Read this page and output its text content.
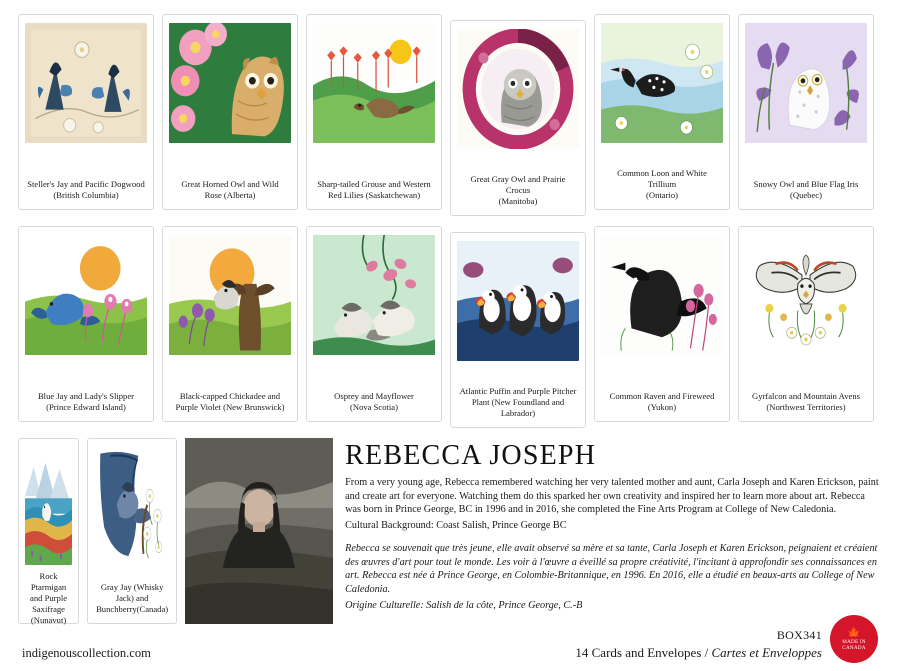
Steller's Jay and Pacific Dogwood
(British Columbia)
Great Horned Owl and Wild
Rose (Alberta)
Sharp-tailed Grouse and Western
Red Lilies (Saskatchewan)
Great Gray Owl and Prairie Crocus
(Manitoba)
Common Loon and White Trillium
(Ontario)
Snowy Owl and Blue Flag Iris
(Quebec)
Blue Jay and Lady's Slipper
(Prince Edward Island)
Black-capped Chickadee and
Purple Violet (New Brunswick)
Osprey and Mayflower
(Nova Scotia)
Atlantic Puffin and Purple Pitcher
Plant (New Foundland and Labrador)
Common Raven and Fireweed
(Yukon)
Gyrfalcon and Mountain Avens
(Northwest Territories)
Rock Ptarmigan and Purple
Saxifrage (Nunavut)
Gray Jay (Whisky Jack) and
Bunchberry(Canada)
REBECCA JOSEPH

From a very young age, Rebecca remembered watching her very talented mother and aunt, Carla Joseph and Karen Erickson, paint and create art for everyone. Watching them do this sparked her own creativity and inspired her to learn more about art. Rebecca was born in Prince George, BC in 1996 and in 2016, she completed the Fine Arts Program at College of New Caledonia.

Cultural Background: Coast Salish, Prince George BC

Rebecca se souvenait que très jeune, elle avait observé sa mère et sa tante, Carla Joseph et Karen Erickson, peignaient et créaient des œuvres d'art pour tout le monde. Les voir à l'œuvre a éveillé sa propre créativité, l'incitant à approfondir ses connaissances en art. Rebecca est née à Prince George, en Colombie-Britannique, en 1996. En 2016, elle a étudié en beaux-arts au College of New Caledonia.

Origine Culturelle: Salish de la côte, Prince George, C.-B

indigenouscollection.com
BOX341
14 Cards and Envelopes / Cartes et Enveloppes
🍁
MADE IN
CANADA
